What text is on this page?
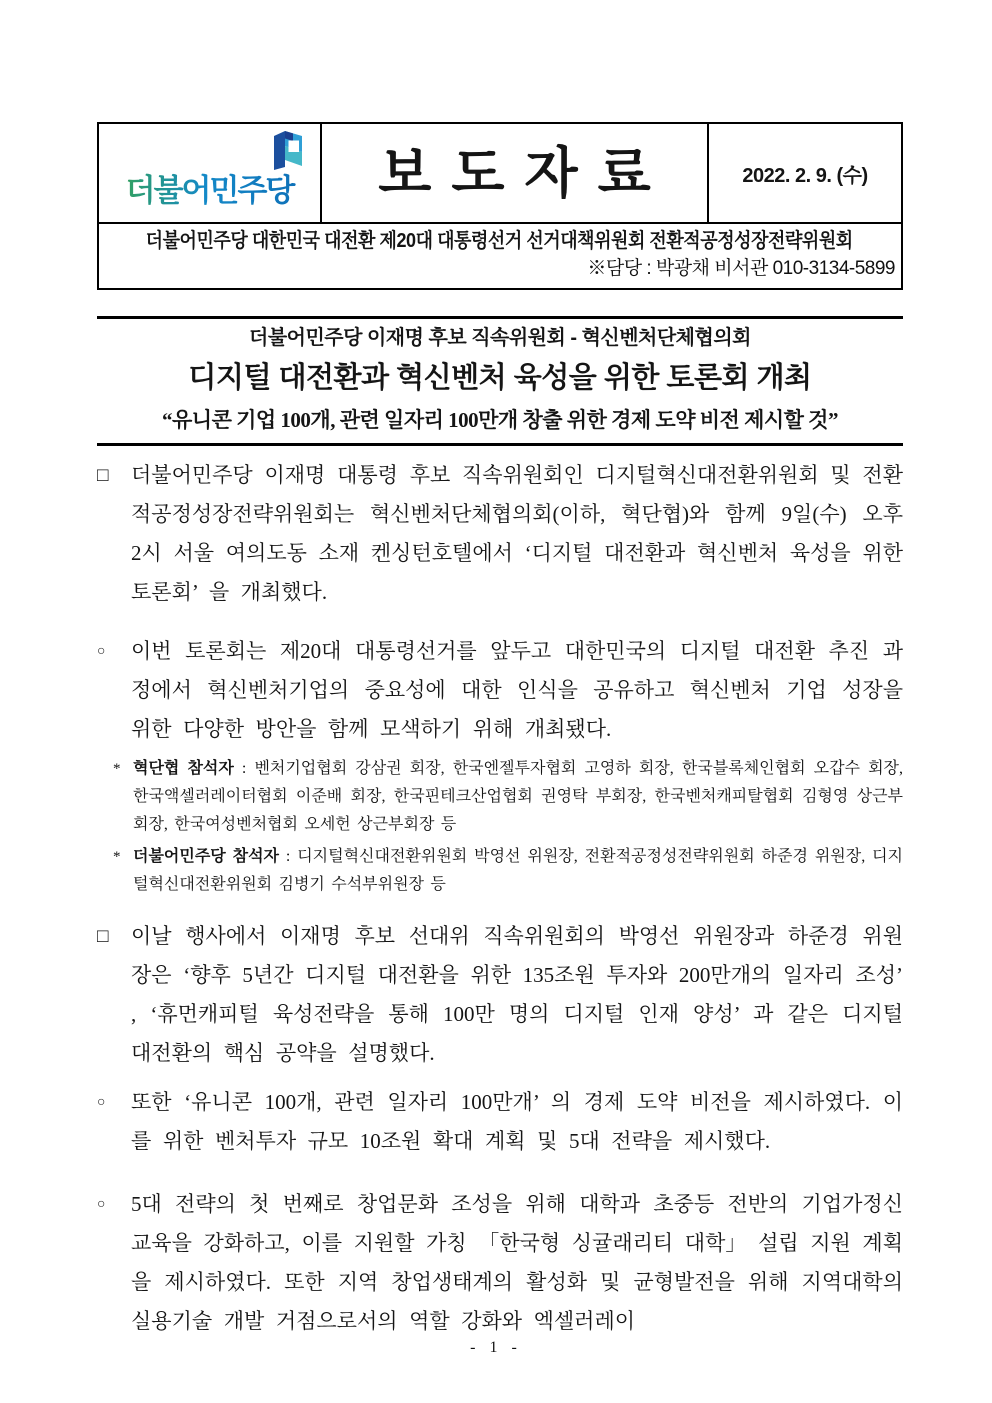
더불어민주당	보도자료	2022. 2. 9. (수)
더불어민주당 대한민국 대전환 제20대 대통령선거 선거대책위원회 전환적공정성장전략위원회
※담당 : 박광채 비서관 010-3134-5899
더불어민주당 이재명 후보 직속위원회 - 혁신벤처단체협의회
디지털 대전환과 혁신벤처 육성을 위한 토론회 개최
“유니콘 기업 100개, 관련 일자리 100만개 창출 위한 경제 도약 비전 제시할 것”
□	더불어민주당 이재명 대통령 후보 직속위원회인 디지털혁신대전환위원회 및 전환적공정성장전략위원회는 혁신벤처단체협의회(이하, 혁단협)와 함께 9일(수) 오후 2시 서울 여의도동 소재 켄싱턴호텔에서 ‘디지털 대전환과 혁신벤처 육성을 위한 토론회’ 을 개최했다.
○	이번 토론회는 제20대 대통령선거를 앞두고 대한민국의 디지털 대전환 추진 과정에서 혁신벤처기업의 중요성에 대한 인식을 공유하고 혁신벤처 기업 성장을 위한 다양한 방안을 함께 모색하기 위해 개최됐다.
* 혁단협 참석자 : 벤처기업협회 강삼권 회장, 한국엔젤투자협회 고영하 회장, 한국블록체인협회 오갑수 회장, 한국액셀러레이터협회 이준배 회장, 한국핀테크산업협회 권영탁 부회장, 한국벤처캐피탈협회 김형영 상근부회장, 한국여성벤처협회 오세헌 상근부회장 등
* 더불어민주당 참석자 : 디지털혁신대전환위원회 박영선 위원장, 전환적공정성전략위원회 하준경 위원장, 디지털혁신대전환위원회 김병기 수석부위원장 등
□	이날 행사에서 이재명 후보 선대위 직속위원회의 박영선 위원장과 하준경 위원장은 ‘향후 5년간 디지털 대전환을 위한 135조원 투자와 200만개의 일자리 조성’ , ‘휴먼캐피털 육성전략을 통해 100만 명의 디지털 인재 양성’ 과 같은 디지털 대전환의 핵심 공약을 설명했다.
○	또한 ‘유니콘 100개, 관련 일자리 100만개’ 의 경제 도약 비전을 제시하였다. 이를 위한 벤처투자 규모 10조원 확대 계획 및 5대 전략을 제시했다.
○	5대 전략의 첫 번째로 창업문화 조성을 위해 대학과 초중등 전반의 기업가정신 교육을 강화하고, 이를 지원할 가칭 「한국형 싱귤래리티 대학」 설립 지원 계획을 제시하였다. 또한 지역 창업생태계의 활성화 및 균형발전을 위해 지역대학의 실용기술 개발 거점으로서의 역할 강화와 엑셀러레이
- 1 -
